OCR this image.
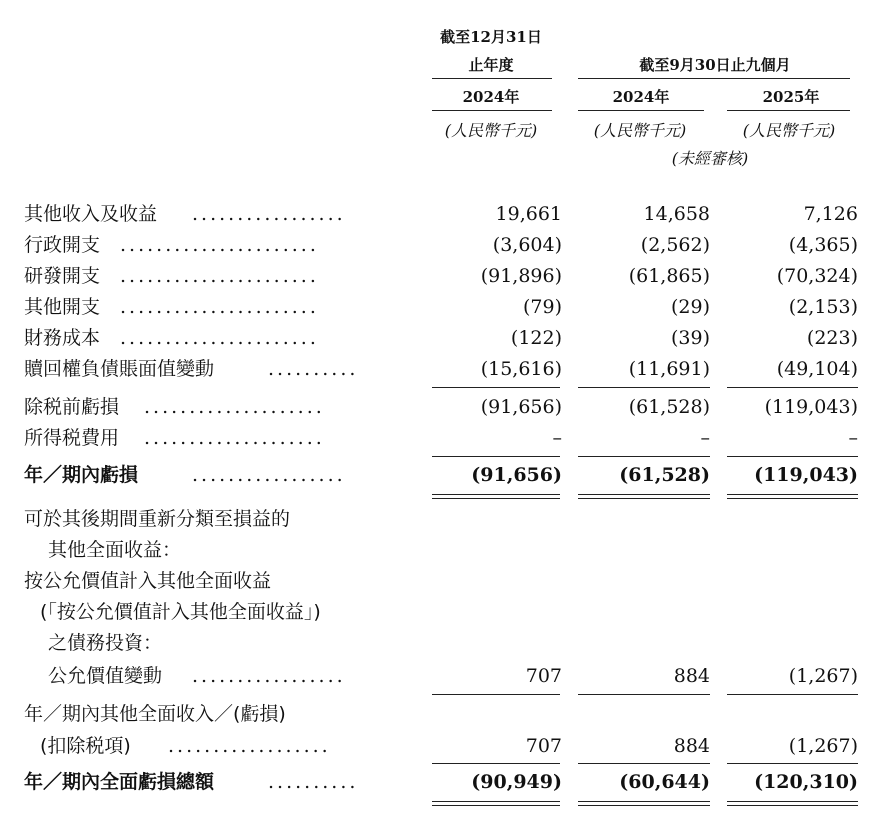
截至12月31日
止年度	截至9月30日止九個月
2024年	2024年	2025年
(人民幣千元)	(人民幣千元)	(人民幣千元)
(未經審核)
其他收入及收益 .................	19,661	14,658	7,126
行政開支 ......................	(3,604)	(2,562)	(4,365)
研發開支 ......................	(91,896)	(61,865)	(70,324)
其他開支 ......................	(79)	(29)	(2,153)
財務成本 ......................	(122)	(39)	(223)
贖回權負債賬面值變動	..........	(15,616)	(11,691)	(49,104)
除税前虧損 ....................	(91,656)	(61,528)	(119,043)
所得税費用 ....................	–	–	–
年／期內虧損	.................	(91,656)	(61,528)	(119,043)
可於其後期間重新分類至損益的
其他全面收益：
按公允價值計入其他全面收益
(「按公允價值計入其他全面收益」)
之債務投資：
公允價值變動 .................	707	884	(1,267)
年／期內其他全面收入／(虧損)
(扣除税項) ..................	707	884	(1,267)
年／期內全面虧損總額	..........	(90,949)	(60,644)	(120,310)
